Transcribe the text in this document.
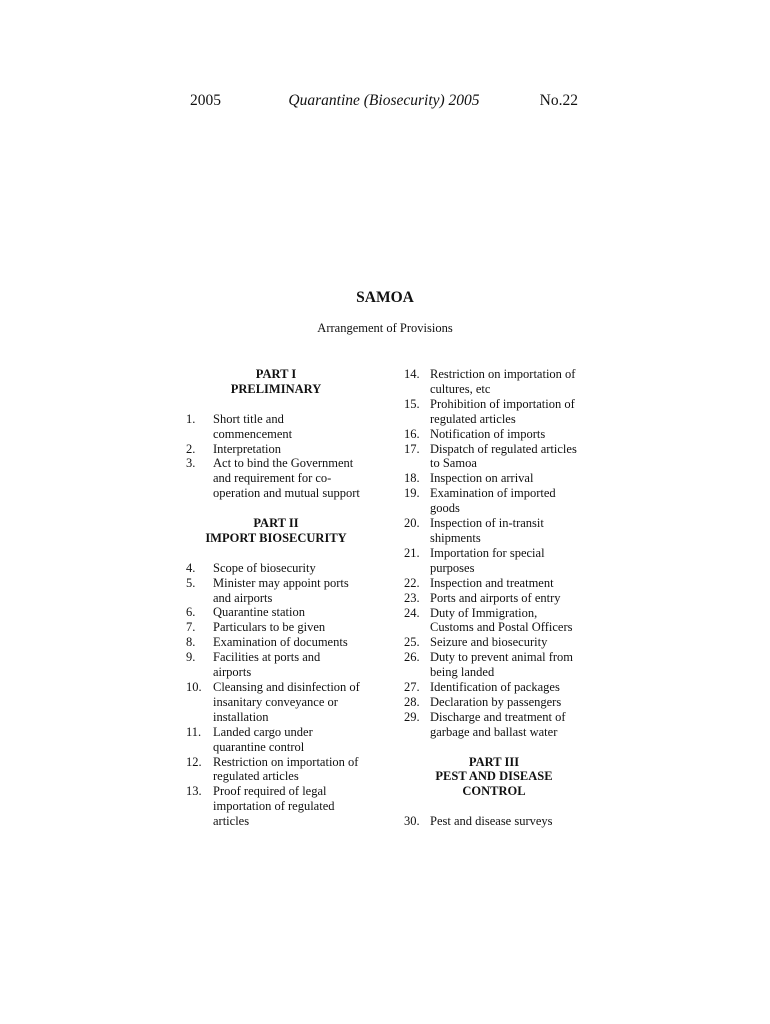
2005	Quarantine (Biosecurity) 2005	No.22
SAMOA
Arrangement of Provisions
PART I
PRELIMINARY
1.	Short title and
commencement
2.	Interpretation
3.	Act to bind the Government
and requirement for co-
operation and mutual support
PART II
IMPORT BIOSECURITY
4.	Scope of biosecurity
5.	Minister may appoint ports
and airports
6.	Quarantine station
7.	Particulars to be given
8.	Examination of documents
9.	Facilities at ports and
airports
10. Cleansing and disinfection of
insanitary conveyance or
installation
11. Landed cargo under
quarantine control
12. Restriction on importation of
regulated articles
13. Proof required of legal
importation of regulated
articles
14. Restriction on importation of
cultures, etc
15. Prohibition of importation of
regulated articles
16. Notification of imports
17. Dispatch of regulated articles
to Samoa
18. Inspection on arrival
19. Examination of imported
goods
20. Inspection of in-transit
shipments
21. Importation for special
purposes
22. Inspection and treatment
23. Ports and airports of entry
24. Duty of Immigration,
Customs and Postal Officers
25. Seizure and biosecurity
26. Duty to prevent animal from
being landed
27. Identification of packages
28. Declaration by passengers
29. Discharge and treatment of
garbage and ballast water
PART III
PEST AND DISEASE
CONTROL
30. Pest and disease surveys
